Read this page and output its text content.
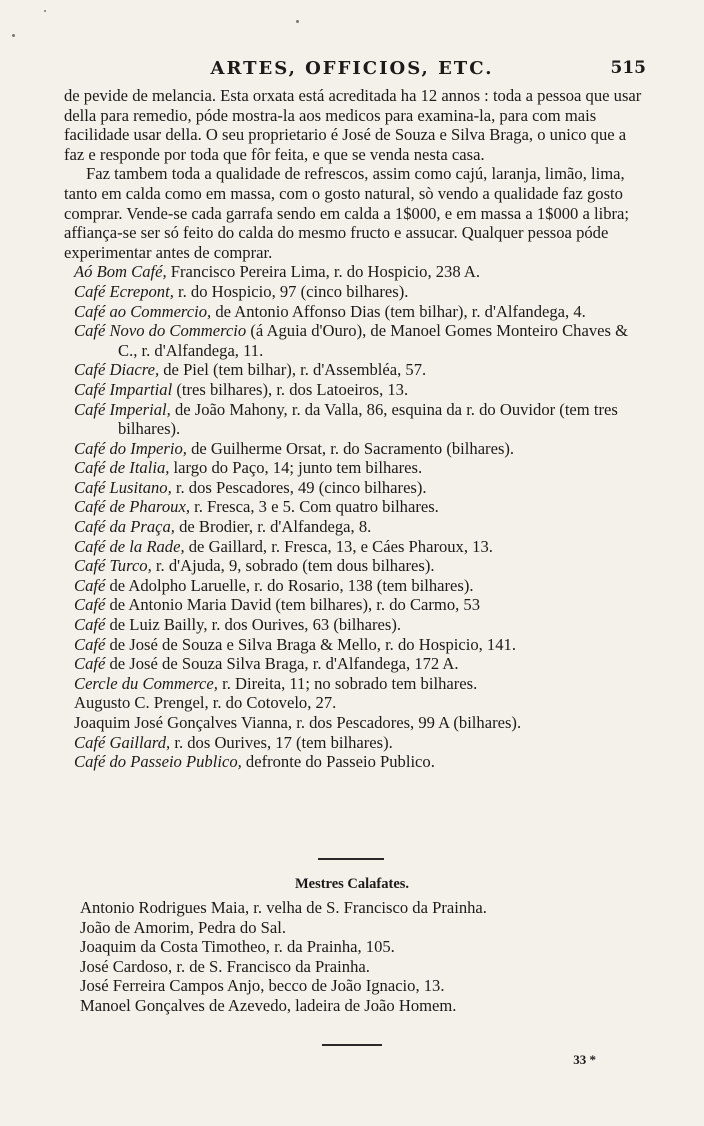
ARTES, OFFICIOS, ETC.	515

de pevide de melancia. Esta orxata está acreditada ha 12 annos : toda a pessoa que usar della para remedio, póde mostra-la aos medicos para examina-la, para com mais facilidade usar della. O seu proprietario é José de Souza e Silva Braga, o unico que a faz e responde por toda que fôr feita, e que se venda nesta casa.

Faz tambem toda a qualidade de refrescos, assim como cajú, laranja, limão, lima, tanto em calda como em massa, com o gosto natural, sò vendo a qualidade faz gosto comprar. Vende-se cada garrafa sendo em calda a 1$000, e em massa a 1$000 a libra; affiança-se ser só feito do calda do mesmo fructo e assucar. Qualquer pessoa póde experimentar antes de comprar.

Aó Bom Café, Francisco Pereira Lima, r. do Hospicio, 238 A.

Café Ecrepont, r. do Hospicio, 97 (cinco bilhares).

Café ao Commercio, de Antonio Affonso Dias (tem bilhar), r. d'Alfandega, 4.

Café Novo do Commercio (á Aguia d'Ouro), de Manoel Gomes Monteiro Chaves & C., r. d'Alfandega, 11.

Café Diacre, de Piel (tem bilhar), r. d'Assembléa, 57.

Café Impartial (tres bilhares), r. dos Latoeiros, 13.

Café Imperial, de João Mahony, r. da Valla, 86, esquina da r. do Ouvidor (tem tres bilhares).

Café do Imperio, de Guilherme Orsat, r. do Sacramento (bilhares).

Café de Italia, largo do Paço, 14; junto tem bilhares.

Café Lusitano, r. dos Pescadores, 49 (cinco bilhares).

Café de Pharoux, r. Fresca, 3 e 5. Com quatro bilhares.

Café da Praça, de Brodier, r. d'Alfandega, 8.

Café de la Rade, de Gaillard, r. Fresca, 13, e Cáes Pharoux, 13.

Café Turco, r. d'Ajuda, 9, sobrado (tem dous bilhares).

Café de Adolpho Laruelle, r. do Rosario, 138 (tem bilhares).

Café de Antonio Maria David (tem bilhares), r. do Carmo, 53

Café de Luiz Bailly, r. dos Ourives, 63 (bilhares).

Café de José de Souza e Silva Braga & Mello, r. do Hospicio, 141.

Café de José de Souza Silva Braga, r. d'Alfandega, 172 A.

Cercle du Commerce, r. Direita, 11; no sobrado tem bilhares.

Augusto C. Prengel, r. do Cotovelo, 27.

Joaquim José Gonçalves Vianna, r. dos Pescadores, 99 A (bilhares).

Café Gaillard, r. dos Ourives, 17 (tem bilhares).

Café do Passeio Publico, defronte do Passeio Publico.

Mestres Calafates.

Antonio Rodrigues Maia, r. velha de S. Francisco da Prainha.

João de Amorim, Pedra do Sal.

Joaquim da Costa Timotheo, r. da Prainha, 105.

José Cardoso, r. de S. Francisco da Prainha.

José Ferreira Campos Anjo, becco de João Ignacio, 13.

Manoel Gonçalves de Azevedo, ladeira de João Homem.

33 *
